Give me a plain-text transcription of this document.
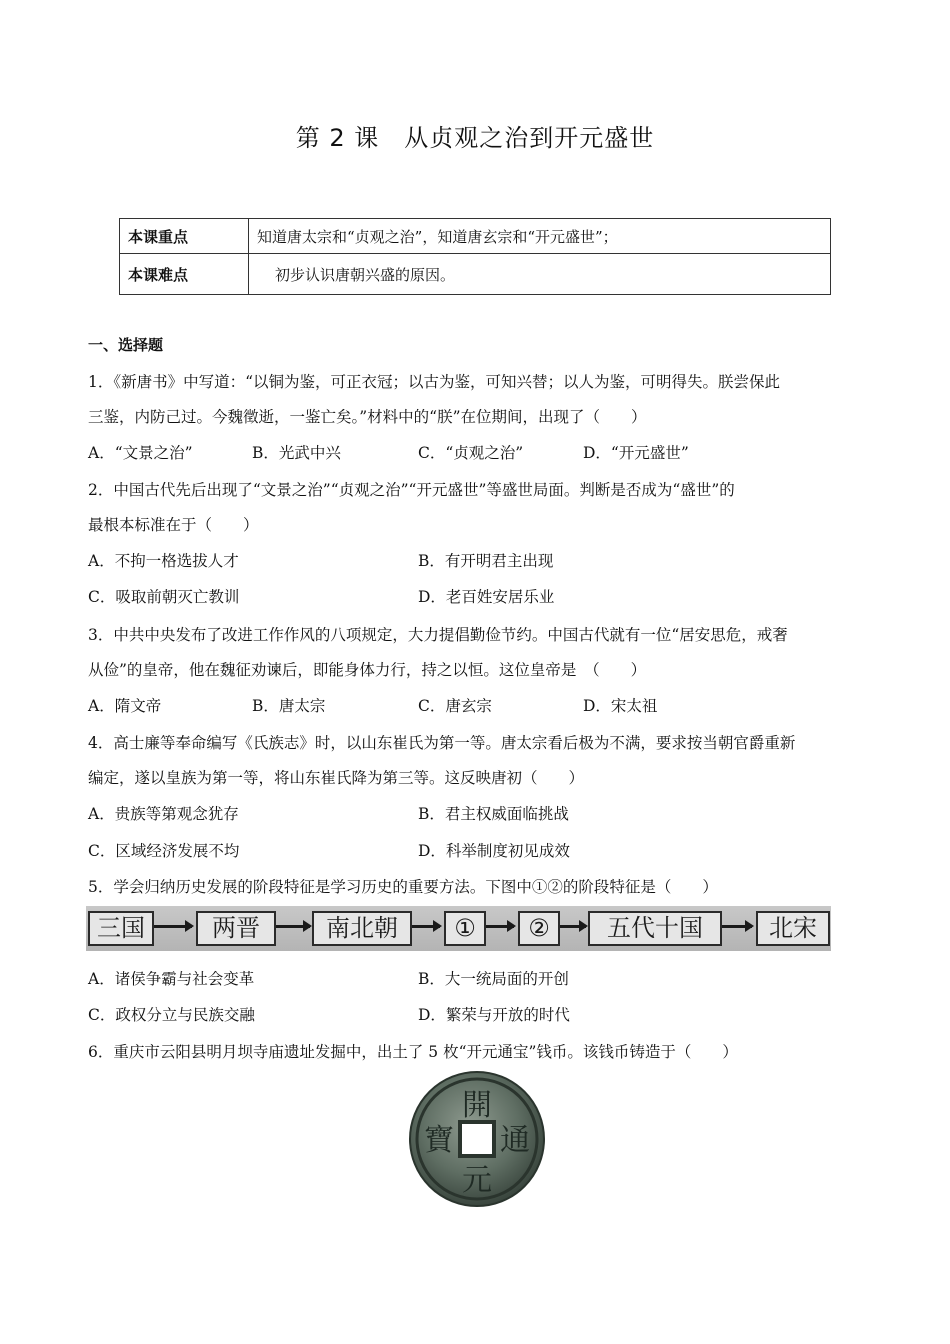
第 2 课　从贞观之治到开元盛世
本课重点	知道唐太宗和“贞观之治”，知道唐玄宗和“开元盛世”；
本课难点	初步认识唐朝兴盛的原因。
一、选择题
1．《新唐书》中写道：“以铜为鉴，可正衣冠；以古为鉴，可知兴替；以人为鉴，可明得失。朕尝保此
三鉴，内防己过。今魏徵逝，一鉴亡矣。”材料中的“朕”在位期间，出现了（　　）
A．“文景之治”	B．光武中兴	C．“贞观之治”	D．“开元盛世”
2．中国古代先后出现了“文景之治”“贞观之治”“开元盛世”等盛世局面。判断是否成为“盛世”的
最根本标准在于（　　）
A．不拘一格选拔人才	B．有开明君主出现
C．吸取前朝灭亡教训	D．老百姓安居乐业
3．中共中央发布了改进工作作风的八项规定，大力提倡勤俭节约。中国古代就有一位“居安思危，戒奢
从俭”的皇帝，他在魏征劝谏后，即能身体力行，持之以恒。这位皇帝是　（　　）
A．隋文帝	B．唐太宗	C．唐玄宗	D．宋太祖
4．高士廉等奉命编写《氏族志》时，以山东崔氏为第一等。唐太宗看后极为不满，要求按当朝官爵重新
编定，遂以皇族为第一等，将山东崔氏降为第三等。这反映唐初（　　）
A．贵族等第观念犹存	B．君主权威面临挑战
C．区域经济发展不均	D．科举制度初见成效
5．学会归纳历史发展的阶段特征是学习历史的重要方法。下图中①②的阶段特征是（　　）
三国	两晋	南北朝	①	②	五代十国	北宋
A．诸侯争霸与社会变革	B．大一统局面的开创
C．政权分立与民族交融	D．繁荣与开放的时代
6．重庆市云阳县明月坝寺庙遗址发掘中，出土了 5 枚“开元通宝”钱币。该钱币铸造于（　　）
開
元
通
寶
